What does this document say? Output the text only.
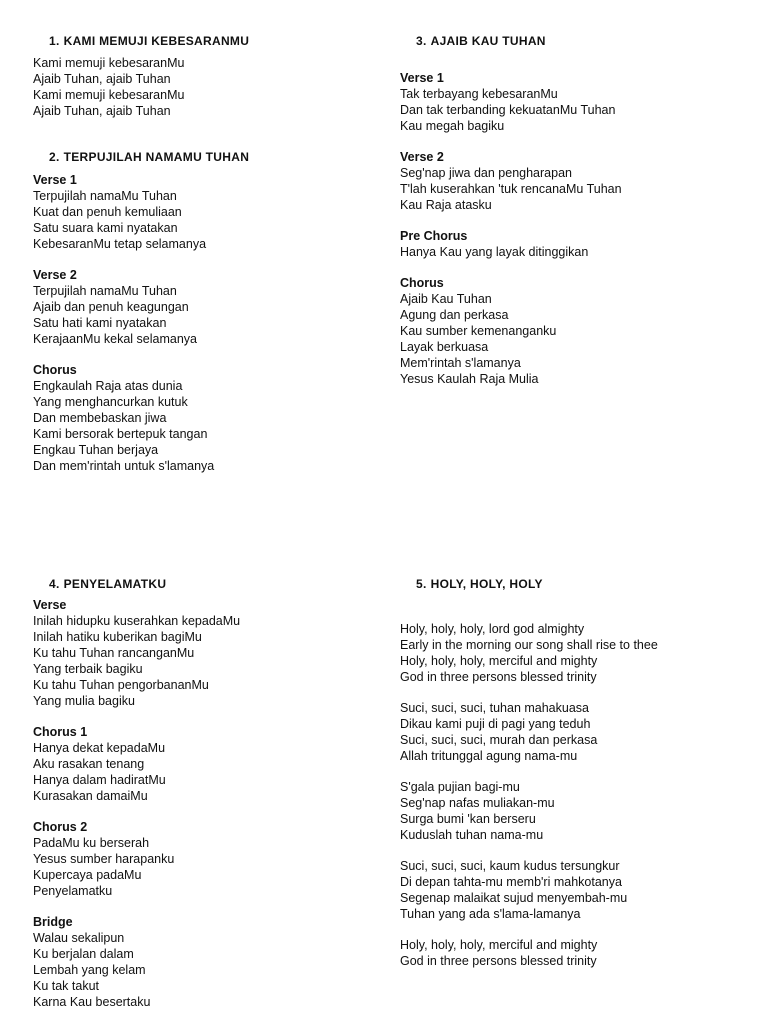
1. KAMI MEMUJI KEBESARANMU
Kami memuji kebesaranMu
Ajaib Tuhan, ajaib Tuhan
Kami memuji kebesaranMu
Ajaib Tuhan, ajaib Tuhan
2. TERPUJILAH NAMAMU TUHAN
Verse 1
Terpujilah namaMu Tuhan
Kuat dan penuh kemuliaan
Satu suara kami nyatakan
KebesaranMu tetap selamanya
Verse 2
Terpujilah namaMu Tuhan
Ajaib dan penuh keagungan
Satu hati kami nyatakan
KerajaanMu kekal selamanya
Chorus
Engkaulah Raja atas dunia
Yang menghancurkan kutuk
Dan membebaskan jiwa
Kami bersorak bertepuk tangan
Engkau Tuhan berjaya
Dan mem'rintah untuk s'lamanya
3. AJAIB KAU TUHAN
Verse 1
Tak terbayang kebesaranMu
Dan tak terbanding kekuatanMu Tuhan
Kau megah bagiku
Verse 2
Seg'nap jiwa dan pengharapan
T'lah kuserahkan 'tuk rencanaMu Tuhan
Kau Raja atasku
Pre Chorus
Hanya Kau yang layak ditinggikan
Chorus
Ajaib Kau Tuhan
Agung dan perkasa
Kau sumber kemenanganku
Layak berkuasa
Mem'rintah s'lamanya
Yesus Kaulah Raja Mulia
4. PENYELAMATKU
Verse
Inilah hidupku kuserahkan kepadaMu
Inilah hatiku kuberikan bagiMu
Ku tahu Tuhan rancanganMu
Yang terbaik bagiku
Ku tahu Tuhan pengorbananMu
Yang mulia bagiku
Chorus 1
Hanya dekat kepadaMu
Aku rasakan tenang
Hanya dalam hadiratMu
Kurasakan damaiMu
Chorus 2
PadaMu ku berserah
Yesus sumber harapanku
Kupercaya padaMu
Penyelamatku
Bridge
Walau sekalipun
Ku berjalan dalam
Lembah yang kelam
Ku tak takut
Karna Kau besertaku
5. HOLY, HOLY, HOLY
Holy, holy, holy, lord god almighty
Early in the morning our song shall rise to thee
Holy, holy, holy, merciful and mighty
God in three persons blessed trinity
Suci, suci, suci, tuhan mahakuasa
Dikau kami puji di pagi yang teduh
Suci, suci, suci, murah dan perkasa
Allah tritunggal agung nama-mu
S'gala pujian bagi-mu
Seg'nap nafas muliakan-mu
Surga bumi 'kan berseru
Kuduslah tuhan nama-mu
Suci, suci, suci, kaum kudus tersungkur
Di depan tahta-mu memb'ri mahkotanya
Segenap malaikat sujud menyembah-mu
Tuhan yang ada s'lama-lamanya
Holy, holy, holy, merciful and mighty
God in three persons blessed trinity
